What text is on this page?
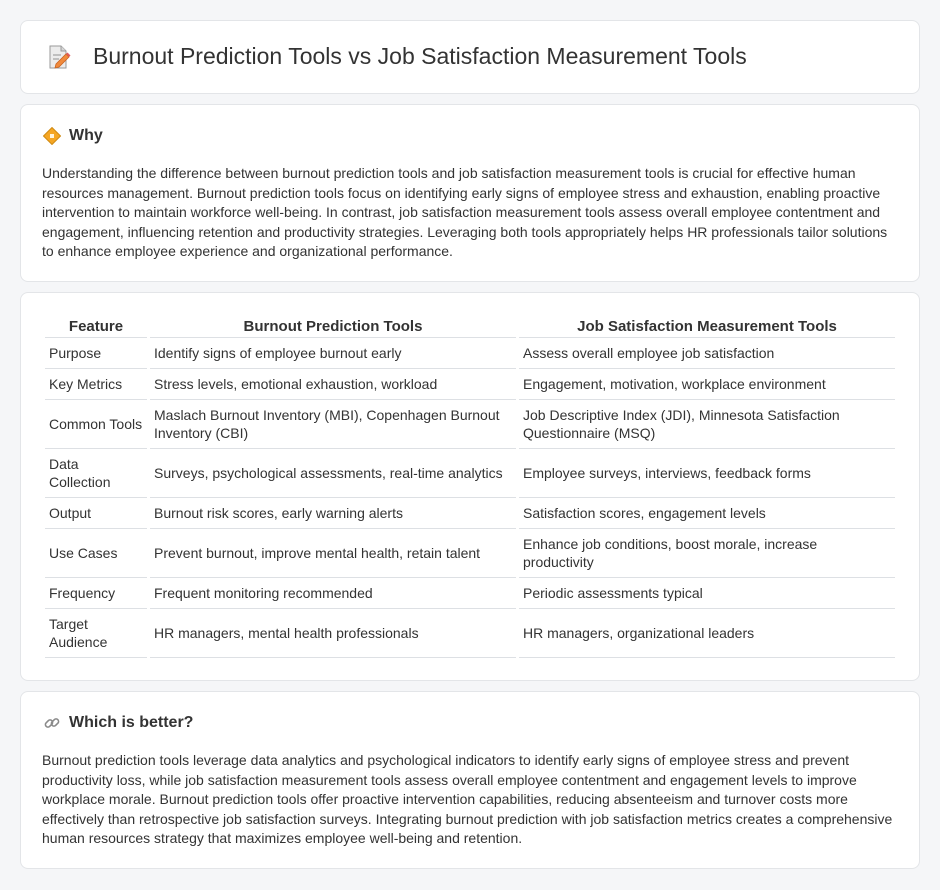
Burnout Prediction Tools vs Job Satisfaction Measurement Tools
Why

Understanding the difference between burnout prediction tools and job satisfaction measurement tools is crucial for effective human resources management. Burnout prediction tools focus on identifying early signs of employee stress and exhaustion, enabling proactive intervention to maintain workforce well-being. In contrast, job satisfaction measurement tools assess overall employee contentment and engagement, influencing retention and productivity strategies. Leveraging both tools appropriately helps HR professionals tailor solutions to enhance employee experience and organizational performance.

Feature	Burnout Prediction Tools	Job Satisfaction Measurement Tools
Purpose	Identify signs of employee burnout early	Assess overall employee job satisfaction
Key Metrics	Stress levels, emotional exhaustion, workload	Engagement, motivation, workplace environment
Common Tools	Maslach Burnout Inventory (MBI), Copenhagen Burnout Inventory (CBI)	Job Descriptive Index (JDI), Minnesota Satisfaction Questionnaire (MSQ)
Data Collection	Surveys, psychological assessments, real-time analytics	Employee surveys, interviews, feedback forms
Output	Burnout risk scores, early warning alerts	Satisfaction scores, engagement levels
Use Cases	Prevent burnout, improve mental health, retain talent	Enhance job conditions, boost morale, increase productivity
Frequency	Frequent monitoring recommended	Periodic assessments typical
Target Audience	HR managers, mental health professionals	HR managers, organizational leaders
Which is better?

Burnout prediction tools leverage data analytics and psychological indicators to identify early signs of employee stress and prevent productivity loss, while job satisfaction measurement tools assess overall employee contentment and engagement levels to improve workplace morale. Burnout prediction tools offer proactive intervention capabilities, reducing absenteeism and turnover costs more effectively than retrospective job satisfaction surveys. Integrating burnout prediction with job satisfaction metrics creates a comprehensive human resources strategy that maximizes employee well-being and retention.
